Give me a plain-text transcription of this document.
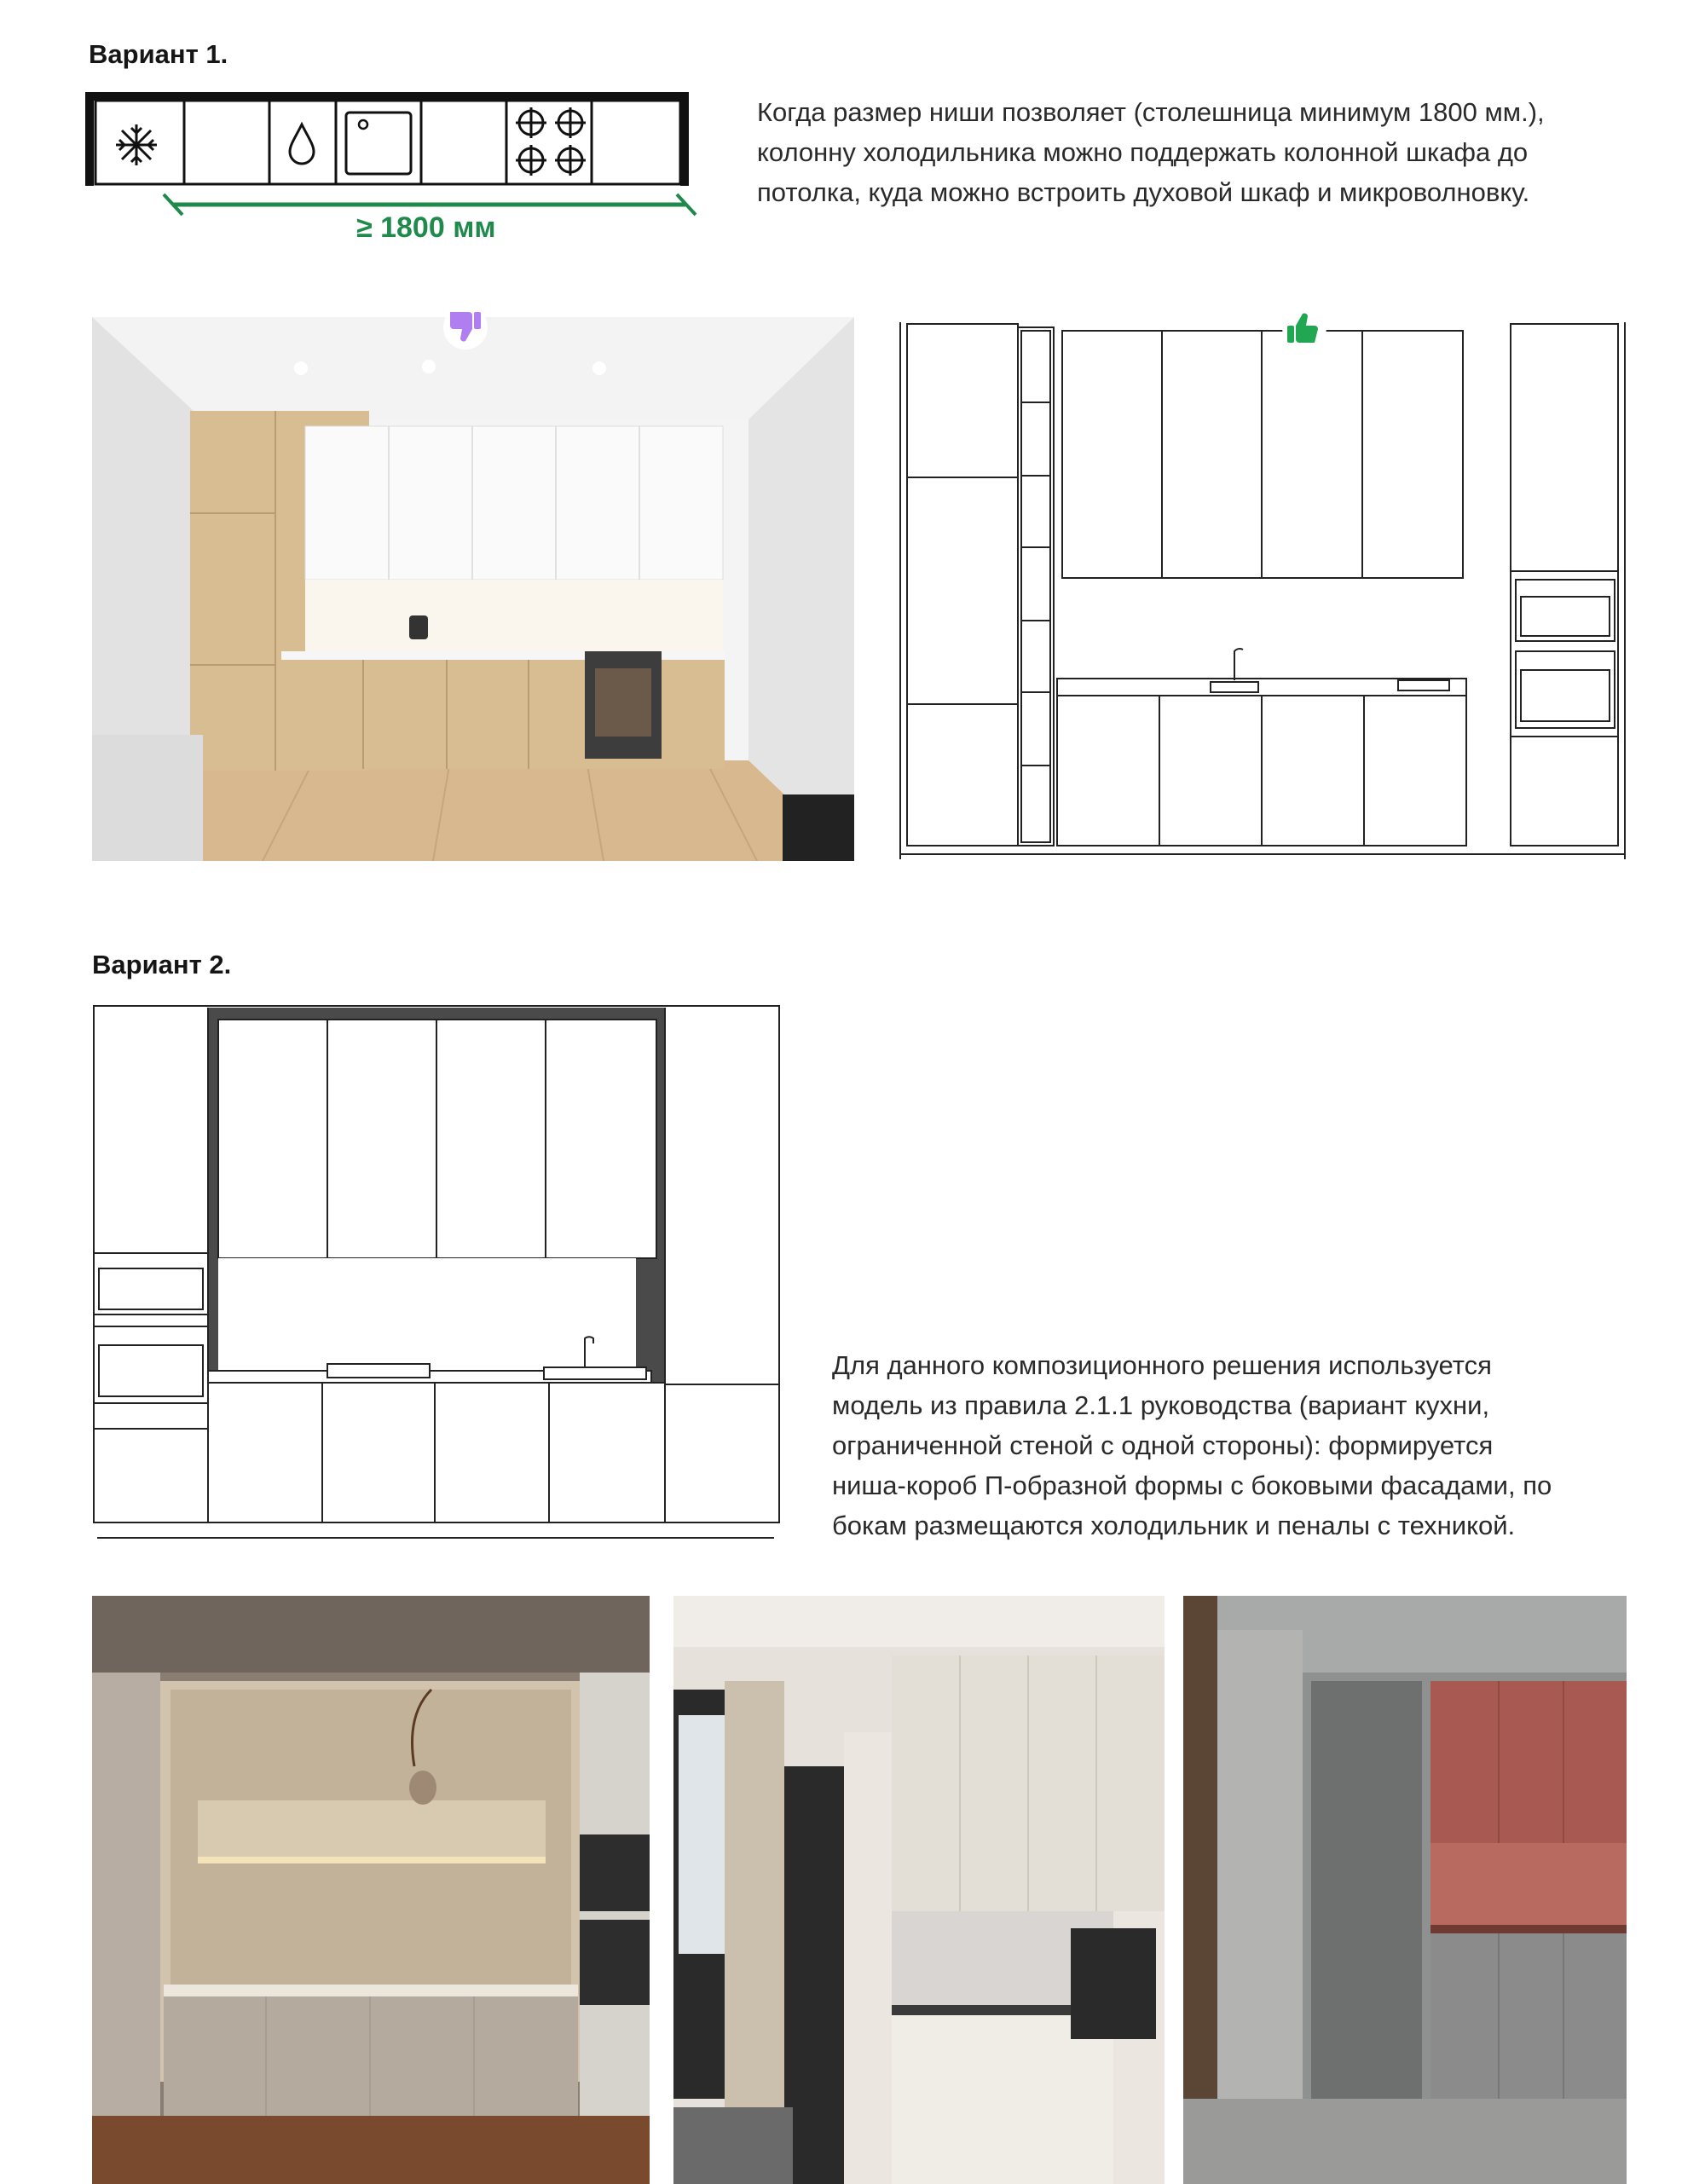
Вариант 1.
≥ 1800 мм
Когда размер ниши позволяет (столешница минимум 1800 мм.),
колонну холодильника можно поддержать колонной шкафа до
потолка, куда можно встроить духовой шкаф и микроволновку.
Вариант 2.
Для данного композиционного решения используется
модель из правила 2.1.1 руководства (вариант кухни,
ограниченной стеной с одной стороны): формируется
ниша-короб П-образной формы с боковыми фасадами, по
бокам размещаются холодильник и пеналы с техникой.
